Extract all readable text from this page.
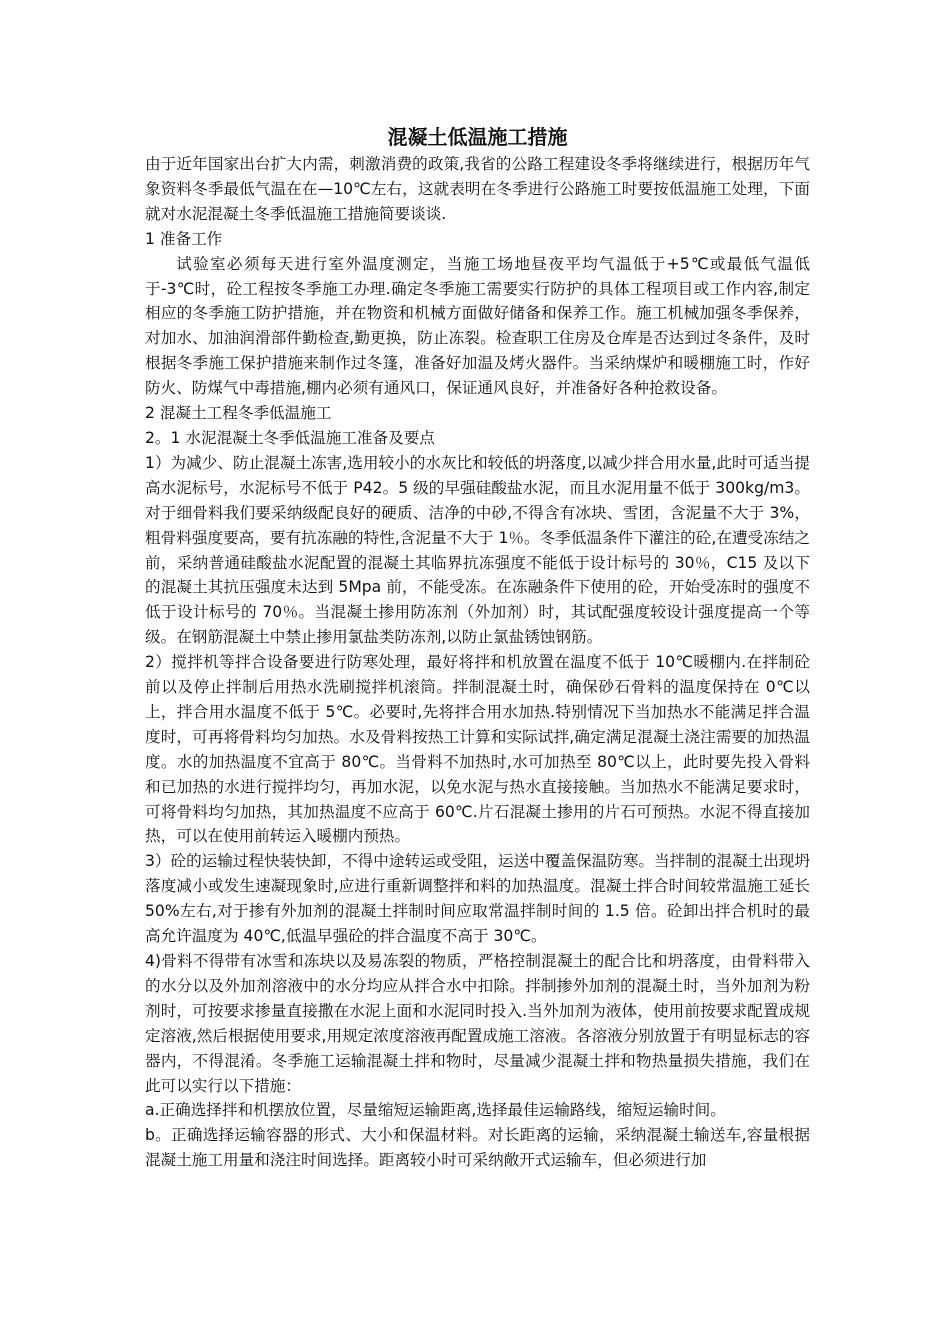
混凝土低温施工措施

由于近年国家出台扩大内需，刺激消费的政策,我省的公路工程建设冬季将继续进行，根据历年气象资料冬季最低气温在在—10℃左右，这就表明在冬季进行公路施工时要按低温施工处理，下面就对水泥混凝土冬季低温施工措施简要谈谈.

1 准备工作

试验室必须每天进行室外温度测定，当施工场地昼夜平均气温低于+5℃或最低气温低于-3℃时，砼工程按冬季施工办理.确定冬季施工需要实行防护的具体工程项目或工作内容,制定相应的冬季施工防护措施，并在物资和机械方面做好储备和保养工作。施工机械加强冬季保养，对加水、加油润滑部件勤检查,勤更换，防止冻裂。检查职工住房及仓库是否达到过冬条件，及时根据冬季施工保护措施来制作过冬篷，准备好加温及烤火器件。当采纳煤炉和暖棚施工时，作好防火、防煤气中毒措施,棚内必须有通风口，保证通风良好，并准备好各种抢救设备。

2 混凝土工程冬季低温施工

2。1 水泥混凝土冬季低温施工准备及要点

1）为减少、防止混凝土冻害,选用较小的水灰比和较低的坍落度,以减少拌合用水量,此时可适当提高水泥标号，水泥标号不低于 P42。5 级的早强硅酸盐水泥，而且水泥用量不低于 300kg/m3。对于细骨料我们要采纳级配良好的硬质、洁净的中砂,不得含有冰块、雪团，含泥量不大于 3%，粗骨料强度要高，要有抗冻融的特性,含泥量不大于 1％。冬季低温条件下灌注的砼,在遭受冻结之前，采纳普通硅酸盐水泥配置的混凝土其临界抗冻强度不能低于设计标号的 30％，C15 及以下的混凝土其抗压强度未达到 5Mpa 前，不能受冻。在冻融条件下使用的砼，开始受冻时的强度不低于设计标号的 70％。当混凝土掺用防冻剂（外加剂）时，其试配强度较设计强度提高一个等级。在钢筋混凝土中禁止掺用氯盐类防冻剂,以防止氯盐锈蚀钢筋。

2）搅拌机等拌合设备要进行防寒处理，最好将拌和机放置在温度不低于 10℃暖棚内.在拌制砼前以及停止拌制后用热水洗刷搅拌机滚筒。拌制混凝土时，确保砂石骨料的温度保持在 0℃以上，拌合用水温度不低于 5℃。必要时,先将拌合用水加热.特别情况下当加热水不能满足拌合温度时，可再将骨料均匀加热。水及骨料按热工计算和实际试拌,确定满足混凝土浇注需要的加热温度。水的加热温度不宜高于 80℃。当骨料不加热时,水可加热至 80℃以上，此时要先投入骨料和已加热的水进行搅拌均匀，再加水泥，以免水泥与热水直接接触。当加热水不能满足要求时，可将骨料均匀加热，其加热温度不应高于 60℃.片石混凝土掺用的片石可预热。水泥不得直接加热，可以在使用前转运入暖棚内预热。

3）砼的运输过程快装快卸，不得中途转运或受阻，运送中覆盖保温防寒。当拌制的混凝土出现坍落度减小或发生速凝现象时,应进行重新调整拌和料的加热温度。混凝土拌合时间较常温施工延长 50%左右,对于掺有外加剂的混凝土拌制时间应取常温拌制时间的 1.5 倍。砼卸出拌合机时的最高允许温度为 40℃,低温早强砼的拌合温度不高于 30℃。

4)骨料不得带有冰雪和冻块以及易冻裂的物质，严格控制混凝土的配合比和坍落度，由骨料带入的水分以及外加剂溶液中的水分均应从拌合水中扣除。拌制掺外加剂的混凝土时，当外加剂为粉剂时，可按要求掺量直接撒在水泥上面和水泥同时投入.当外加剂为液体，使用前按要求配置成规定溶液,然后根据使用要求,用规定浓度溶液再配置成施工溶液。各溶液分别放置于有明显标志的容器内，不得混淆。冬季施工运输混凝土拌和物时，尽量减少混凝土拌和物热量损失措施，我们在此可以实行以下措施：

a.正确选择拌和机摆放位置，尽量缩短运输距离,选择最佳运输路线，缩短运输时间。

b。正确选择运输容器的形式、大小和保温材料。对长距离的运输，采纳混凝土输送车,容量根据混凝土施工用量和浇注时间选择。距离较小时可采纳敞开式运输车，但必须进行加
